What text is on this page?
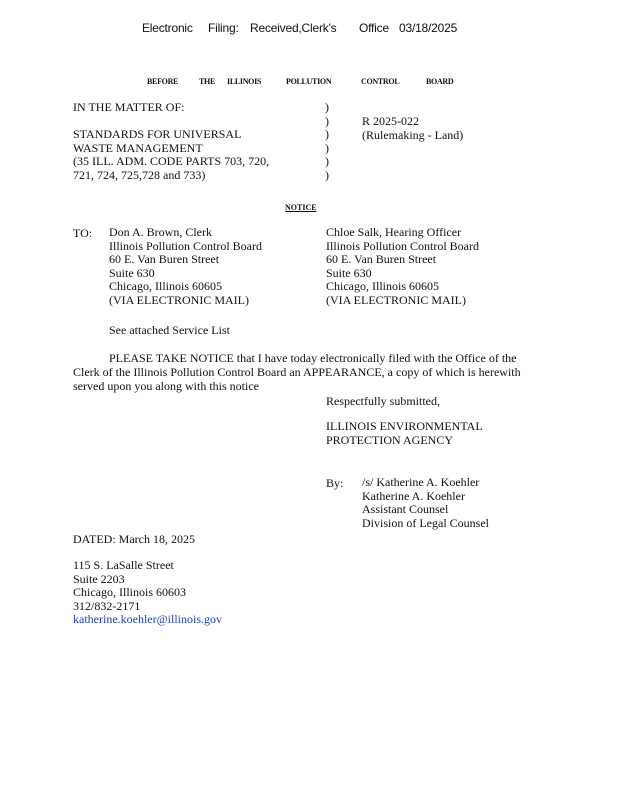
Electronic Filing: Received,Clerk's Office 03/18/2025
BEFORE	THE ILLINOIS	POLLUTION	CONTROL	BOARD
IN THE MATTER OF:

STANDARDS FOR UNIVERSAL
WASTE MANAGEMENT
(35 ILL. ADM. CODE PARTS 703, 720,
721, 724, 725,728 and 733)
)
)
)
)
)
)
R 2025-022
(Rulemaking - Land)
NOTICE
TO: Don A. Brown, Clerk
Illinois Pollution Control Board
60 E. Van Buren Street
Suite 630
Chicago, Illinois 60605
(VIA ELECTRONIC MAIL)
Chloe Salk, Hearing Officer
Illinois Pollution Control Board
60 E. Van Buren Street
Suite 630
Chicago, Illinois 60605
(VIA ELECTRONIC MAIL)
See attached Service List
PLEASE TAKE NOTICE that I have today electronically filed with the Office of the
Clerk of the Illinois Pollution Control Board an APPEARANCE, a copy of which is herewith
served upon you along with this notice
Respectfully submitted,
ILLINOIS ENVIRONMENTAL
PROTECTION AGENCY
By: /s/ Katherine A. Koehler
Katherine A. Koehler
Assistant Counsel
Division of Legal Counsel
DATED: March 18, 2025
115 S. LaSalle Street
Suite 2203
Chicago, Illinois 60603
312/832-2171
katherine.koehler@illinois.gov
